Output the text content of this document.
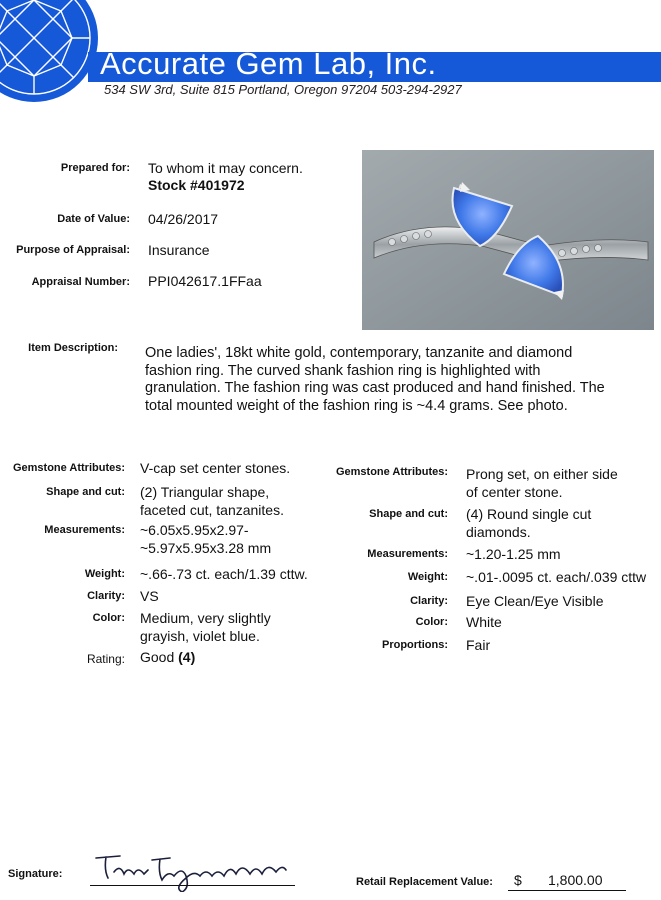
Accurate Gem Lab, Inc.
534 SW 3rd, Suite 815 Portland, Oregon 97204 503-294-2927
Prepared for: To whom it may concern.
Stock #401972
Date of Value: 04/26/2017
Purpose of Appraisal: Insurance
Appraisal Number: PPI042617.1FFaa
Item Description: One ladies', 18kt white gold, contemporary, tanzanite and diamond
fashion ring. The curved shank fashion ring is highlighted with
granulation. The fashion ring was cast produced and hand finished. The
total mounted weight of the fashion ring is ~4.4 grams. See photo.
Gemstone Attributes: V-cap set center stones.
Shape and cut: (2) Triangular shape,
faceted cut, tanzanites.
Measurements: ~6.05x5.95x2.97-
~5.97x5.95x3.28 mm
Weight: ~.66-.73 ct. each/1.39 cttw.
Clarity: VS
Color: Medium, very slightly
grayish, violet blue.
Rating: Good (4)
Gemstone Attributes: Prong set, on either side
of center stone.
Shape and cut: (4) Round single cut
diamonds.
Measurements: ~1.20-1.25 mm
Weight: ~.01-.0095 ct. each/.039 cttw
Clarity: Eye Clean/Eye Visible
Color: White
Proportions: Fair
Signature:
Retail Replacement Value: $ 1,800.00
